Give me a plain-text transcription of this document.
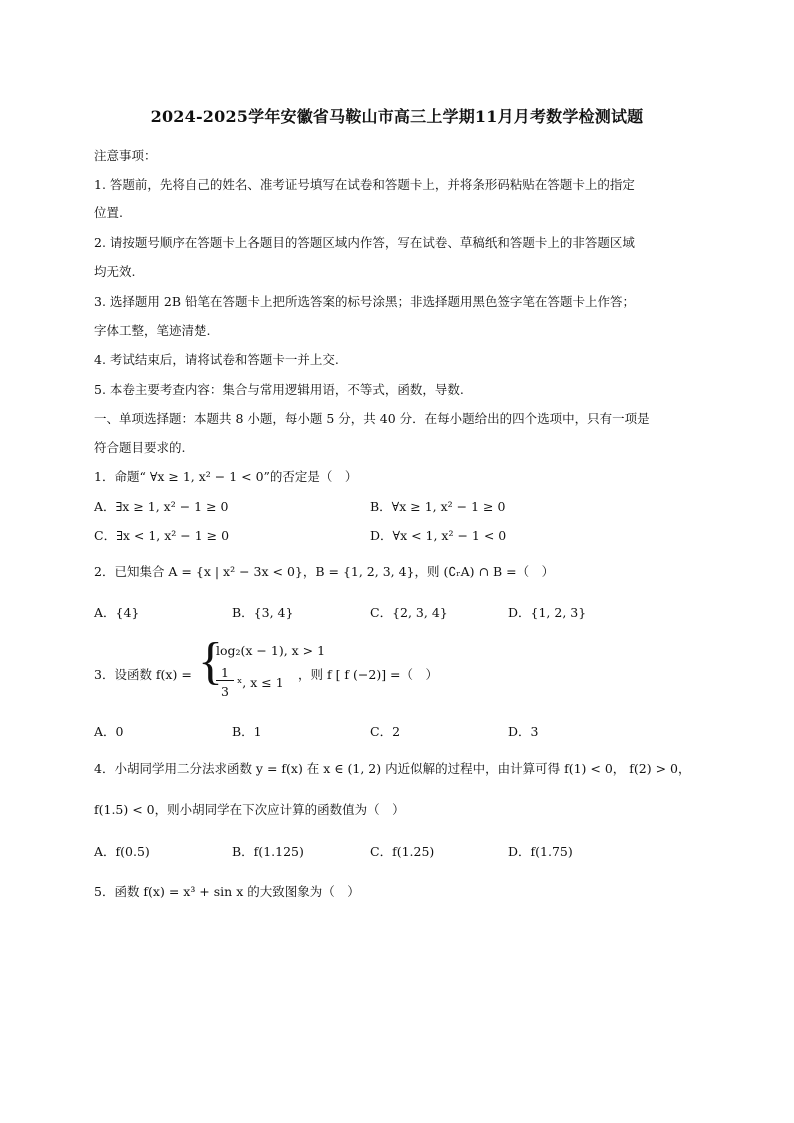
2024-2025学年安徽省马鞍山市高三上学期11月月考数学检测试题
注意事项：
1. 答题前，先将自己的姓名、准考证号填写在试卷和答题卡上，并将条形码粘贴在答题卡上的指定
位置.
2. 请按题号顺序在答题卡上各题目的答题区域内作答，写在试卷、草稿纸和答题卡上的非答题区域
均无效.
3. 选择题用 2B 铅笔在答题卡上把所选答案的标号涂黑；非选择题用黑色签字笔在答题卡上作答；
字体工整，笔迹清楚.
4. 考试结束后，请将试卷和答题卡一并上交.
5. 本卷主要考查内容：集合与常用逻辑用语，不等式，函数，导数.
一、单项选择题：本题共 8 小题，每小题 5 分，共 40 分．在每小题给出的四个选项中，只有一项是
符合题目要求的.
1．命题“ ∀x ≥ 1, x² − 1 < 0”的否定是（　）
A．∃x ≥ 1, x² − 1 ≥ 0	B．∀x ≥ 1, x² − 1 ≥ 0
C．∃x < 1, x² − 1 ≥ 0	D．∀x < 1, x² − 1 < 0
2．已知集合 A = {x | x² − 3x < 0}，B = {1, 2, 3, 4}，则 (∁ᵣA) ∩ B =（　）
A．{4}	B．{3, 4}	C．{2, 3, 4}	D．{1, 2, 3}
3．设函数 f(x) = {
log₂(x − 1), x > 1
1
3
ˣ, x ≤ 1
，则 f [ f (−2)] =（　）
A．0	B．1	C．2	D．3
4．小胡同学用二分法求函数 y = f(x) 在 x ∈ (1, 2) 内近似解的过程中，由计算可得 f(1) < 0， f(2) > 0，
f(1.5) < 0，则小胡同学在下次应计算的函数值为（　）
A．f(0.5)	B．f(1.125)	C．f(1.25)	D．f(1.75)
5．函数 f(x) = x³ + sin x 的大致图象为（　）
